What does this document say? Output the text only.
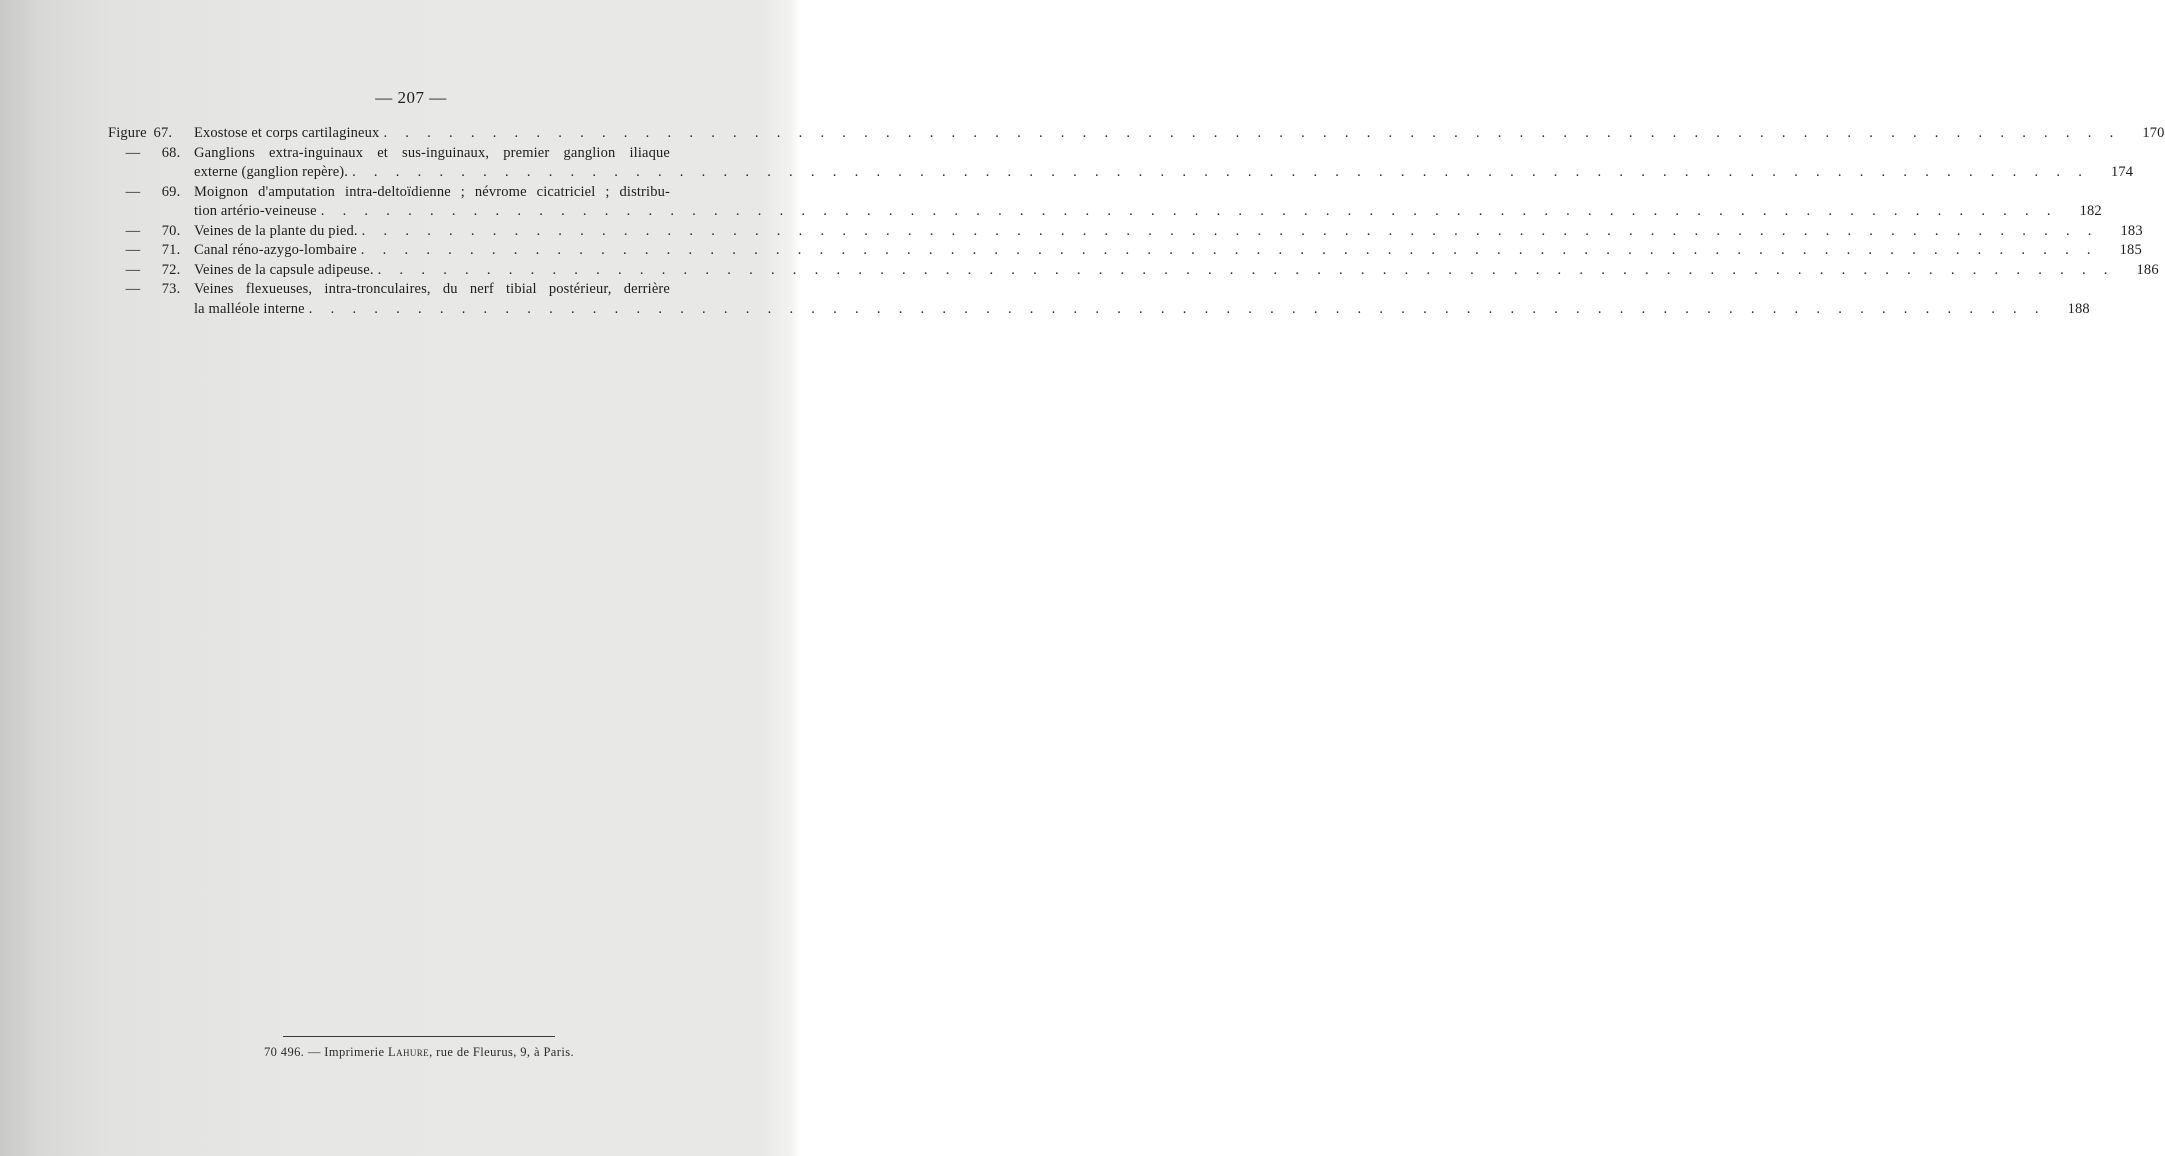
— 207 —
Figure 67.	Exostose et corps cartilagineux . . . . . . . . . . . . . . . . . . . . . . . . . . . . . . . . . . . . . . . . . . . . . . . . . . . . . . . . . . . . . . . . . . . . . . . . . . . . . . . .	170
— 68. Ganglions extra-inguinaux et sus-inguinaux, premier ganglion iliaque
externe (ganglion repère). . . . . . . . . . . . . . . . . . . . . . . . . . . . . . . . . . . . . . . . . . . . . . . . . . . . . . . . . . . . . . . . . . . . . . . . . . . . . . . . .	174
— 69. Moignon d'amputation intra-deltoïdienne ; névrome cicatriciel ; distribu-
tion artério-veineuse . . . . . . . . . . . . . . . . . . . . . . . . . . . . . . . . . . . . . . . . . . . . . . . . . . . . . . . . . . . . . . . . . . . . . . . . . . . . . . . .	182
— 70. Veines de la plante du pied. . . . . . . . . . . . . . . . . . . . . . . . . . . . . . . . . . . . . . . . . . . . . . . . . . . . . . . . . . . . . . . . . . . . . . . . . . . . . . . . .	183
— 71. Canal réno-azygo-lombaire . . . . . . . . . . . . . . . . . . . . . . . . . . . . . . . . . . . . . . . . . . . . . . . . . . . . . . . . . . . . . . . . . . . . . . . . . . . . . . . .	185
— 72. Veines de la capsule adipeuse. . . . . . . . . . . . . . . . . . . . . . . . . . . . . . . . . . . . . . . . . . . . . . . . . . . . . . . . . . . . . . . . . . . . . . . . . . . . . . . . .	186
— 73. Veines flexueuses, intra-tronculaires, du nerf tibial postérieur, derrière
la malléole interne . . . . . . . . . . . . . . . . . . . . . . . . . . . . . . . . . . . . . . . . . . . . . . . . . . . . . . . . . . . . . . . . . . . . . . . . . . . . . . . .	188
70 496. — Imprimerie Lahure, rue de Fleurus, 9, à Paris.
